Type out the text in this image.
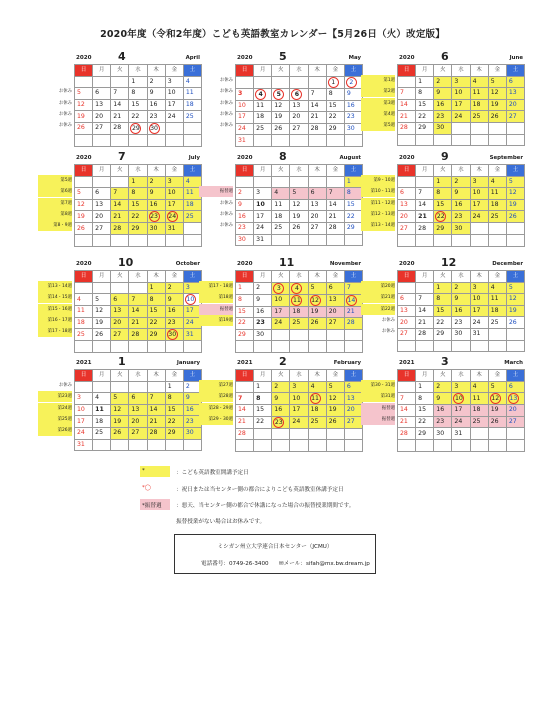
2020年度（令和2年度）こども英語教室カレンダー【5月26日（火）改定版】
2020 4	April
日	月	火	水	木	金	土
			1	2	3	4
5	6	7	8	9	10	11
12	13	14	15	16	17	18
19	20	21	22	23	24	25
26	27	28	29	30		

お休み
お休み
お休み
お休み
2020 5	May
日	月	火	水	木	金	土
					1	2
3	4	5	6	7	8	9
10	11	12	13	14	15	16
17	18	19	20	21	22	23
24	25	26	27	28	29	30
31						
お休み
お休み
お休み
お休み
お休み
2020 6	June
日	月	火	水	木	金	土
	1	2	3	4	5	6
7	8	9	10	11	12	13
14	15	16	17	18	19	20
21	22	23	24	25	26	27
28	29	30				

第1週
第2週
第3週
第4週
第5週
2020 7	July
日	月	火	水	木	金	土
			1	2	3	4
5	6	7	8	9	10	11
12	13	14	15	16	17	18
19	20	21	22	23	24	25
26	27	28	29	30	31	

第5週
第6週
第7週
第8週
第8・9週
2020 8	August
日	月	火	水	木	金	土
						1
2	3	4	5	6	7	8
9	10	11	12	13	14	15
16	17	18	19	20	21	22
23	24	25	26	27	28	29
30	31					
振替週
お休み
お休み
お休み
2020 9	September
日	月	火	水	木	金	土
		1	2	3	4	5
6	7	8	9	10	11	12
13	14	15	16	17	18	19
20	21	22	23	24	25	26
27	28	29	30			

第9・10週
第10・11週
第11・12週
第12・13週
第13・14週
2020 10	October
日	月	火	水	木	金	土
				1	2	3
4	5	6	7	8	9	10
11	12	13	14	15	16	17
18	19	20	21	22	23	24
25	26	27	28	29	30	31

第13・14週
第14・15週
第15・16週
第16・17週
第17・18週
2020 11	November
日	月	火	水	木	金	土
1	2	3	4	5	6	7
8	9	10	11	12	13	14
15	16	17	18	19	20	21
22	23	24	25	26	27	28
29	30					

第17・18週
第18週
振替週
第19週
2020 12	December
日	月	火	水	木	金	土
		1	2	3	4	5
6	7	8	9	10	11	12
13	14	15	16	17	18	19
20	21	22	23	24	25	26
27	28	29	30	31		

第20週
第21週
第22週
お休み
お休み
2021 1	January
日	月	火	水	木	金	土
					1	2
3	4	5	6	7	8	9
10	11	12	13	14	15	16
17	18	19	20	21	22	23
24	25	26	27	28	29	30
31						
お休み
第23週
第24週
第25週
第26週
2021 2	February
日	月	火	水	木	金	土
	1	2	3	4	5	6
7	8	9	10	11	12	13
14	15	16	17	18	19	20
21	22	23	24	25	26	27
28						

第27週
第28週
第28・29週
第29・30週
2021 3	March
日	月	火	水	木	金	土
	1	2	3	4	5	6
7	8	9	10	11	12	13
14	15	16	17	18	19	20
21	22	23	24	25	26	27
28	29	30	31			

第30・31週
第31週
振替週
振替週
*	：こども英語教室開講予定日
*◯	：祝日または当センター側の都合によりこども英語教室休講予定日
*振替週	：悪天、当センター側の都合で休講になった場合の振替授業期間です。
振替授業がない場合はお休みです。
ミシガン州立大学連合日本センター（JCMU）
電話番号：0749-26-3400 ✉メール：sifah@mx.bw.dream.jp
